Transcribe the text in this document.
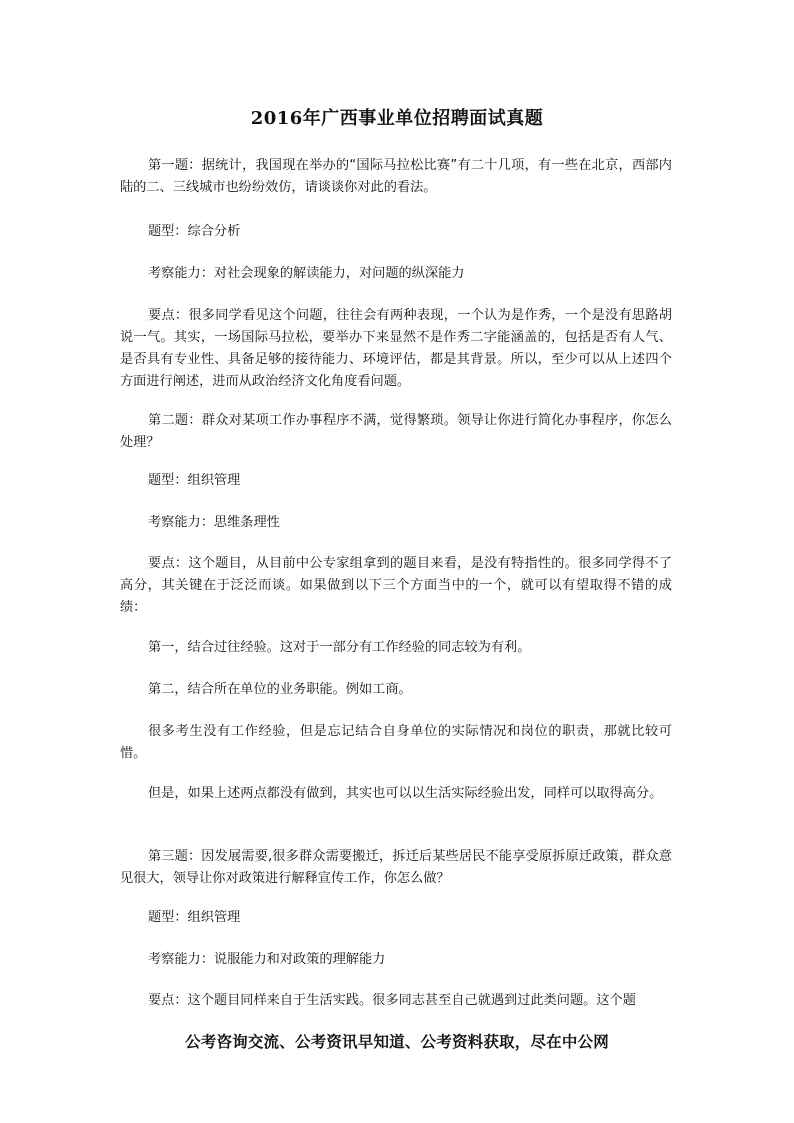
2016年广西事业单位招聘面试真题

第一题：据统计，我国现在举办的“国际马拉松比赛”有二十几项，有一些在北京，西部内陆的二、三线城市也纷纷效仿，请谈谈你对此的看法。

题型：综合分析

考察能力：对社会现象的解读能力，对问题的纵深能力

要点：很多同学看见这个问题，往往会有两种表现，一个认为是作秀，一个是没有思路胡说一气。其实，一场国际马拉松，要举办下来显然不是作秀二字能涵盖的，包括是否有人气、是否具有专业性、具备足够的接待能力、环境评估，都是其背景。所以，至少可以从上述四个方面进行阐述，进而从政治经济文化角度看问题。

第二题：群众对某项工作办事程序不满，觉得繁琐。领导让你进行简化办事程序，你怎么处理？

题型：组织管理

考察能力：思维条理性

要点：这个题目，从目前中公专家组拿到的题目来看，是没有特指性的。很多同学得不了高分，其关键在于泛泛而谈。如果做到以下三个方面当中的一个，就可以有望取得不错的成绩：

第一，结合过往经验。这对于一部分有工作经验的同志较为有利。

第二，结合所在单位的业务职能。例如工商。

很多考生没有工作经验，但是忘记结合自身单位的实际情况和岗位的职责，那就比较可惜。

但是，如果上述两点都没有做到，其实也可以以生活实际经验出发，同样可以取得高分。

第三题：因发展需要,很多群众需要搬迁，拆迁后某些居民不能享受原拆原迁政策，群众意见很大，领导让你对政策进行解释宣传工作，你怎么做？

题型：组织管理

考察能力：说服能力和对政策的理解能力

要点：这个题目同样来自于生活实践。很多同志甚至自己就遇到过此类问题。这个题

公考咨询交流、公考资讯早知道、公考资料获取，尽在中公网
